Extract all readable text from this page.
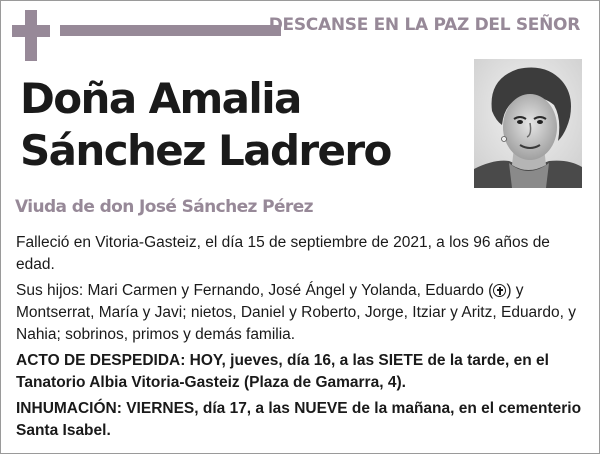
DESCANSE EN LA PAZ DEL SEÑOR
Doña Amalia
Sánchez Ladrero
Viuda de don José Sánchez Pérez

Falleció en Vitoria-Gasteiz, el día 15 de septiembre de 2021, a los 96 años de edad.

Sus hijos: Mari Carmen y Fernando, José Ángel y Yolanda, Eduardo ( ) y Montserrat, María y Javi; nietos, Daniel y Roberto, Jorge, Itziar y Aritz, Eduardo, y Nahia; sobrinos, primos y demás familia.

ACTO DE DESPEDIDA: HOY, jueves, día 16, a las SIETE de la tarde, en el Tanatorio Albia Vitoria-Gasteiz (Plaza de Gamarra, 4).

INHUMACIÓN: VIERNES, día 17, a las NUEVE de la mañana, en el cementerio Santa Isabel.
